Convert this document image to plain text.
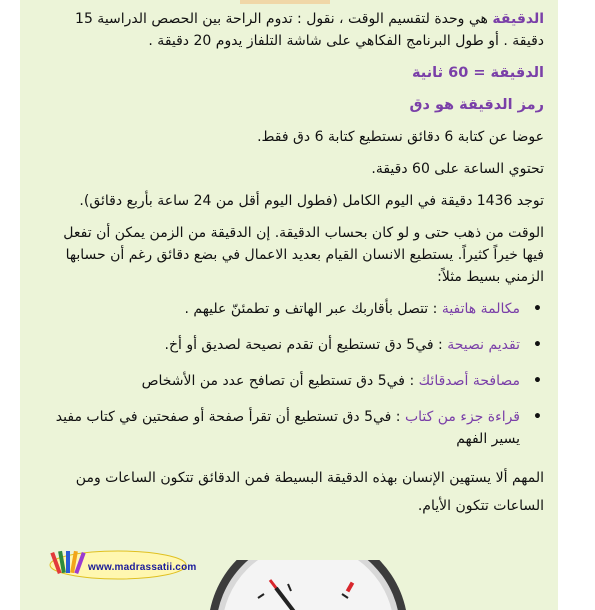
الدقيقة هي وحدة لتقسيم الوقت ، نقول : تدوم الراحة بين الحصص الدراسية 15 دقيقة . أو طول البرنامج الفكاهي على شاشة التلفاز يدوم 20 دقيقة .

الدقيقة = 60 ثانية

رمز الدقيقة هو دق

عوضا عن كتابة 6 دقائق نستطيع كتابة 6 دق فقط.

تحتوي الساعة على 60 دقيقة.

توجد 1436 دقيقة في اليوم الكامل (فطول اليوم أقل من 24 ساعة بأربع دقائق).

الوقت من ذهب حتى و لو كان بحساب الدقيقة. إن الدقيقة من الزمن يمكن أن تفعل فيها خيراً كثيراً. يستطيع الانسان القيام بعديد الاعمال في بضع دقائق رغم أن حسابها الزمني بسيط مثلاً:

• مكالمة هاتفية : تتصل بأقاربك عبر الهاتف و تطمئنّ عليهم .
• تقديم نصيحة : في5 دق تستطيع أن تقدم نصيحة لصديق أو أخ.
• مصافحة أصدقائك : في5 دق تستطيع أن تصافح عدد من الأشخاص
• قراءة جزء من كتاب : في5 دق تستطيع أن تقرأ صفحة أو صفحتين في كتاب مفيد يسير الفهم

المهم ألا يستهين الإنسان بهذه الدقيقة البسيطة فمن الدقائق تتكون الساعات ومن الساعات تتكون الأيام.

www.madrassatii.com
